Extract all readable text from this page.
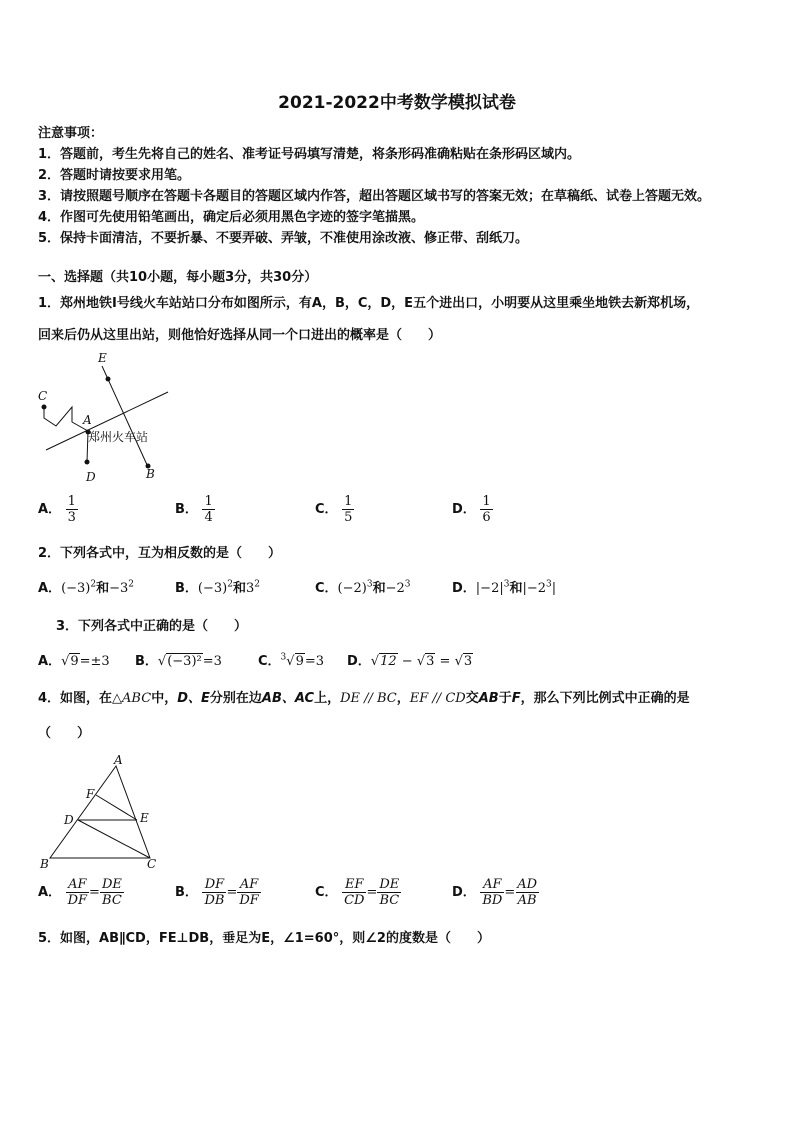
2021-2022中考数学模拟试卷
注意事项：
1．答题前，考生先将自己的姓名、准考证号码填写清楚，将条形码准确粘贴在条形码区域内。
2．答题时请按要求用笔。
3．请按照题号顺序在答题卡各题目的答题区域内作答，超出答题区域书写的答案无效；在草稿纸、试卷上答题无效。
4．作图可先使用铅笔画出，确定后必须用黑色字迹的签字笔描黑。
5．保持卡面清洁，不要折暴、不要弄破、弄皱，不准使用涂改液、修正带、刮纸刀。
一、选择题（共10小题，每小题3分，共30分）
1．郑州地铁Ⅰ号线火车站站口分布如图所示，有A，B，C，D，E五个进出口，小明要从这里乘坐地铁去新郑机场，
回来后仍从这里出站，则他恰好选择从同一个口进出的概率是（　　）
E
C
A
D	B
郑州火车站
A． $\frac{1}{3}$	B． $\frac{1}{4}$	C． $\frac{1}{5}$	D． $\frac{1}{6}$
2．下列各式中，互为相反数的是（　　）
A．$(-3)^2$和$-3^2$	B．$(-3)^2$和$3^2$	C．$(-2)^3$和$-2^3$	D．$|-2|^3$和$|-2^3|$
3．下列各式中正确的是（　　）
A．√9=±3 B．√(−3)²=3	C．$^3$√9=3 D．√12 − √3 = √3
4．如图，在△ABC中，D、E分别在边AB、AC上，DE // BC，EF // CD交AB于F，那么下列比例式中正确的是
（　　）
A
F
D	E
B	C
A． $\frac{AF}{DF} = \frac{DE}{BC}$	B． $\frac{DF}{DB} = \frac{AF}{DF}$	C． $\frac{EF}{CD} = \frac{DE}{BC}$	D． $\frac{AF}{BD} = \frac{AD}{AB}$
5．如图，AB∥CD，FE⊥DB，垂足为E，∠1=60°，则∠2的度数是（　　）
